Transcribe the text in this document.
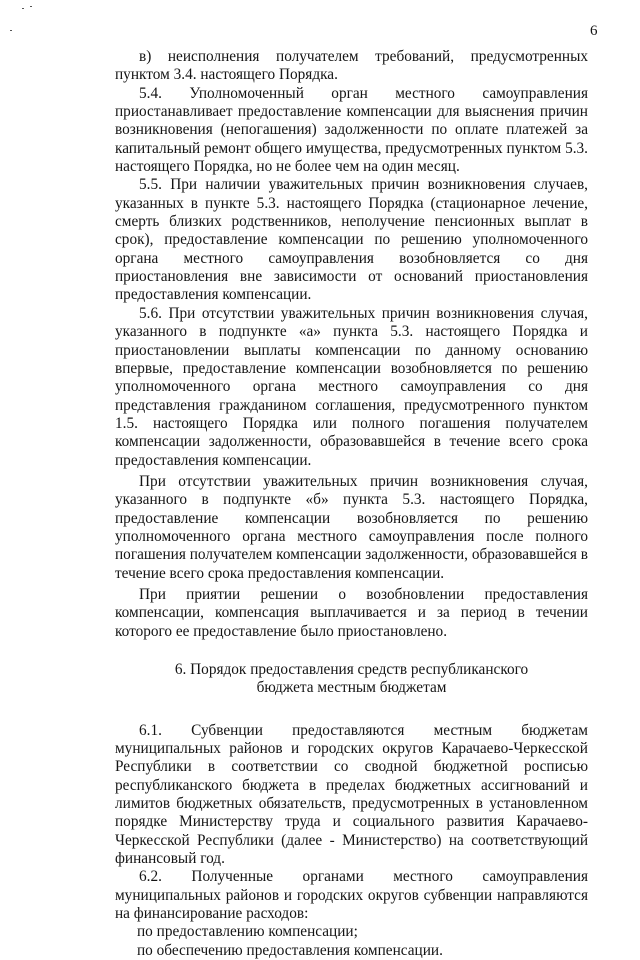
6

в) неисполнения получателем требований, предусмотренных пунктом 3.4. настоящего Порядка.

5.4. Уполномоченный орган местного самоуправления приостанавливает предоставление компенсации для выяснения причин возникновения (непогашения) задолженности по оплате платежей за капитальный ремонт общего имущества, предусмотренных пунктом 5.3. настоящего Порядка, но не более чем на один месяц.

5.5. При наличии уважительных причин возникновения случаев, указанных в пункте 5.3. настоящего Порядка (стационарное лечение, смерть близких родственников, неполучение пенсионных выплат в срок), предоставление компенсации по решению уполномоченного органа местного самоуправления возобновляется со дня приостановления вне зависимости от оснований приостановления предоставления компенсации.

5.6. При отсутствии уважительных причин возникновения случая, указанного в подпункте «а» пункта 5.3. настоящего Порядка и приостановлении выплаты компенсации по данному основанию впервые, предоставление компенсации возобновляется по решению уполномоченного органа местного самоуправления со дня представления гражданином соглашения, предусмотренного пунктом 1.5. настоящего Порядка или полного погашения получателем компенсации задолженности, образовавшейся в течение всего срока предоставления компенсации.

При отсутствии уважительных причин возникновения случая, указанного в подпункте «б» пункта 5.3. настоящего Порядка, предоставление компенсации возобновляется по решению уполномоченного органа местного самоуправления после полного погашения получателем компенсации задолженности, образовавшейся в течение всего срока предоставления компенсации.

При приятии решении о возобновлении предоставления компенсации, компенсация выплачивается и за период в течении которого ее предоставление было приостановлено.

6. Порядок предоставления средств республиканского
бюджета местным бюджетам

6.1. Субвенции предоставляются местным бюджетам муниципальных районов и городских округов Карачаево-Черкесской Республики в соответствии со сводной бюджетной росписью республиканского бюджета в пределах бюджетных ассигнований и лимитов бюджетных обязательств, предусмотренных в установленном порядке Министерству труда и социального развития Карачаево-Черкесской Республики (далее - Министерство) на соответствующий финансовый год.

6.2. Полученные органами местного самоуправления муниципальных районов и городских округов субвенции направляются на финансирование расходов:

по предоставлению компенсации;

по обеспечению предоставления компенсации.
